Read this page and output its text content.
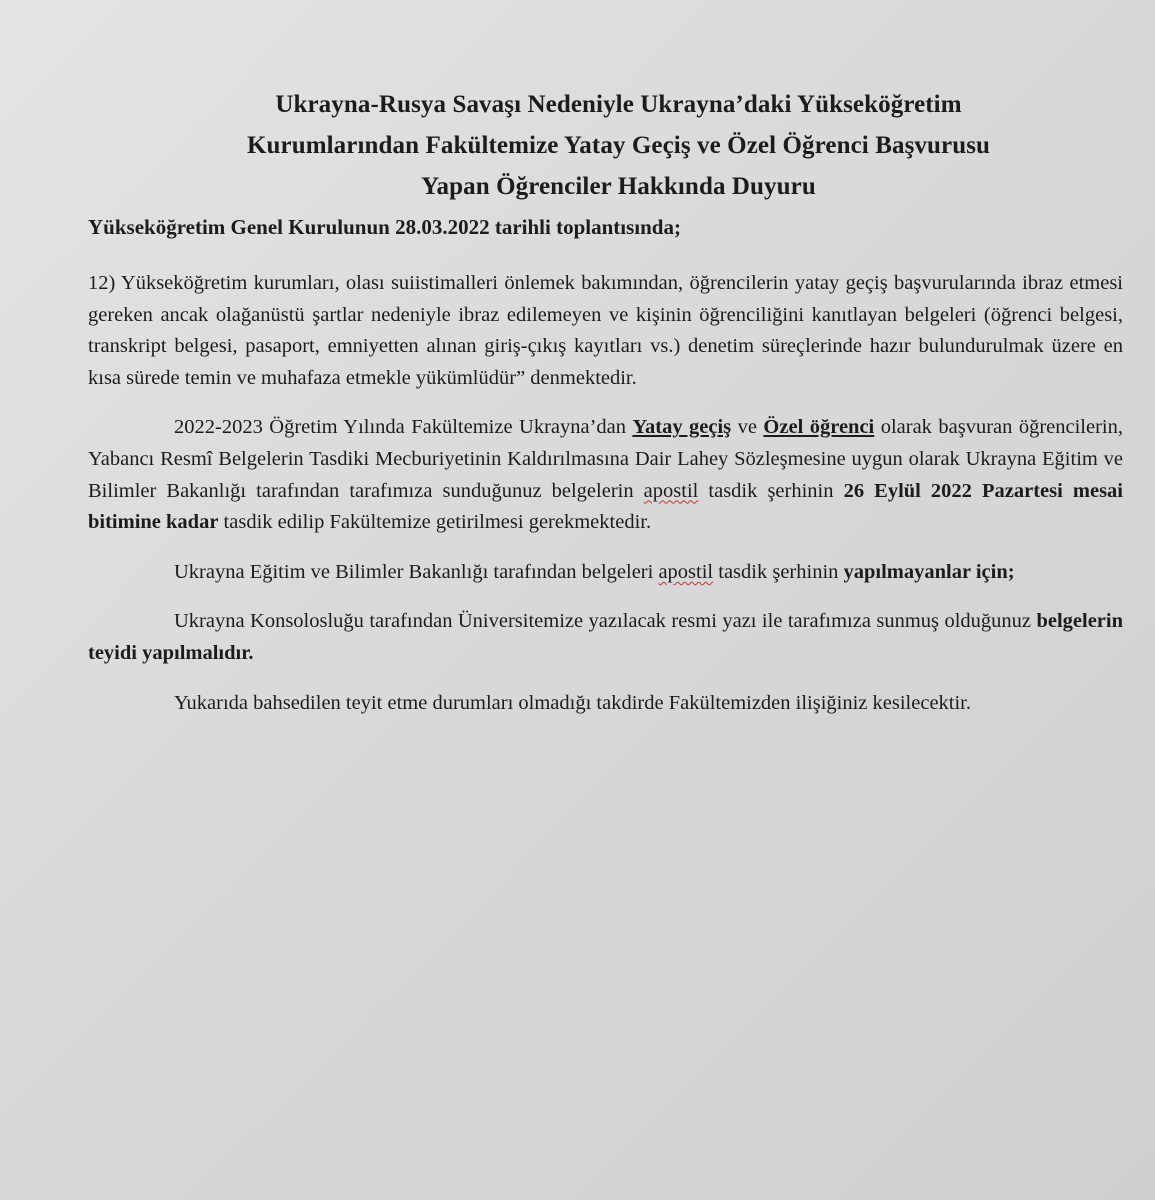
Ukrayna-Rusya Savaşı Nedeniyle Ukrayna’daki Yükseköğretim
Kurumlarından Fakültemize Yatay Geçiş ve Özel Öğrenci Başvurusu
Yapan Öğrenciler Hakkında Duyuru

Yükseköğretim Genel Kurulunun 28.03.2022 tarihli toplantısında;

12) Yükseköğretim kurumları, olası suiistimalleri önlemek bakımından, öğrencilerin yatay geçiş başvurularında ibraz etmesi gereken ancak olağanüstü şartlar nedeniyle ibraz edilemeyen ve kişinin öğrenciliğini kanıtlayan belgeleri (öğrenci belgesi, transkript belgesi, pasaport, emniyetten alınan giriş-çıkış kayıtları vs.) denetim süreçlerinde hazır bulundurulmak üzere en kısa sürede temin ve muhafaza etmekle yükümlüdür” denmektedir.

2022-2023 Öğretim Yılında Fakültemize Ukrayna’dan Yatay geçiş ve Özel öğrenci olarak başvuran öğrencilerin, Yabancı Resmî Belgelerin Tasdiki Mecburiyetinin Kaldırılmasına Dair Lahey Sözleşmesine uygun olarak Ukrayna Eğitim ve Bilimler Bakanlığı tarafından tarafımıza sunduğunuz belgelerin apostil tasdik şerhinin 26 Eylül 2022 Pazartesi mesai bitimine kadar tasdik edilip Fakültemize getirilmesi gerekmektedir.

Ukrayna Eğitim ve Bilimler Bakanlığı tarafından belgeleri apostil tasdik şerhinin yapılmayanlar için;

Ukrayna Konsolosluğu tarafından Üniversitemize yazılacak resmi yazı ile tarafımıza sunmuş olduğunuz belgelerin teyidi yapılmalıdır.

Yukarıda bahsedilen teyit etme durumları olmadığı takdirde Fakültemizden ilişiğiniz kesilecektir.
